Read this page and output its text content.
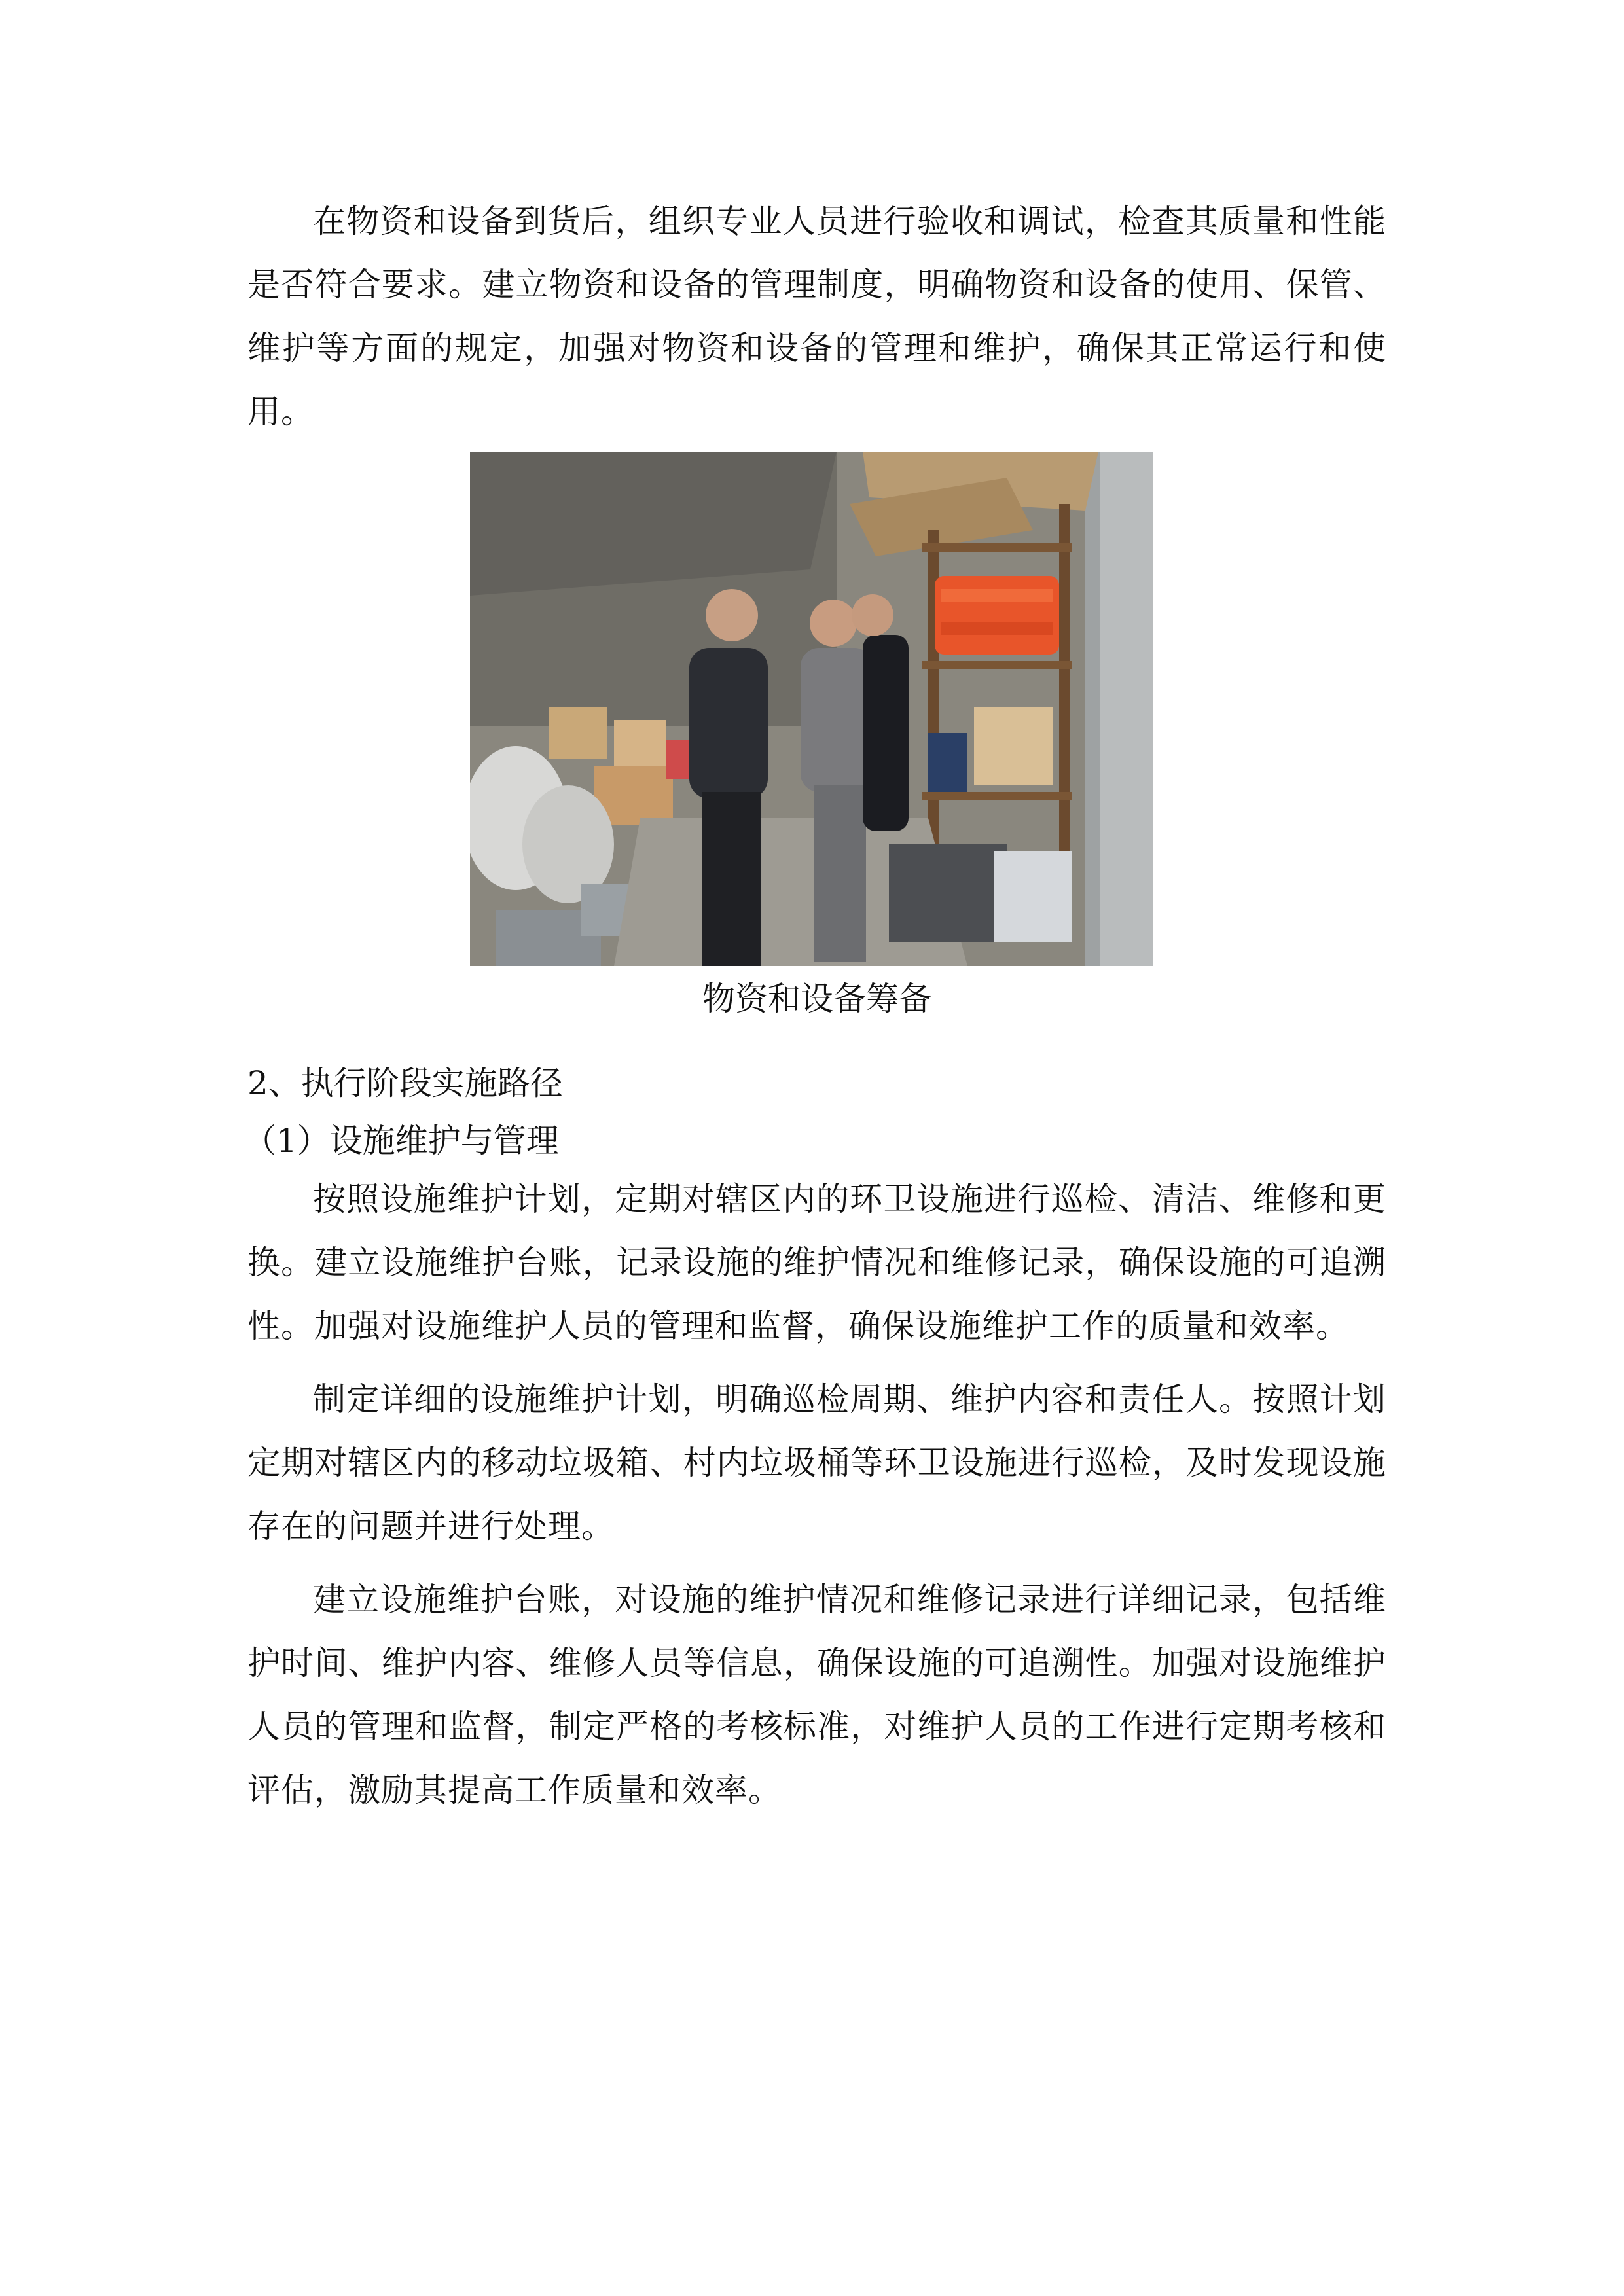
在物资和设备到货后，组织专业人员进行验收和调试，检查其质量和性能是否符合要求。建立物资和设备的管理制度，明确物资和设备的使用、保管、维护等方面的规定，加强对物资和设备的管理和维护，确保其正常运行和使用。

物资和设备筹备

2、执行阶段实施路径
（1）设施维护与管理

按照设施维护计划，定期对辖区内的环卫设施进行巡检、清洁、维修和更换。建立设施维护台账，记录设施的维护情况和维修记录，确保设施的可追溯性。加强对设施维护人员的管理和监督，确保设施维护工作的质量和效率。

制定详细的设施维护计划，明确巡检周期、维护内容和责任人。按照计划定期对辖区内的移动垃圾箱、村内垃圾桶等环卫设施进行巡检，及时发现设施存在的问题并进行处理。

建立设施维护台账，对设施的维护情况和维修记录进行详细记录，包括维护时间、维护内容、维修人员等信息，确保设施的可追溯性。加强对设施维护人员的管理和监督，制定严格的考核标准，对维护人员的工作进行定期考核和评估，激励其提高工作质量和效率。
